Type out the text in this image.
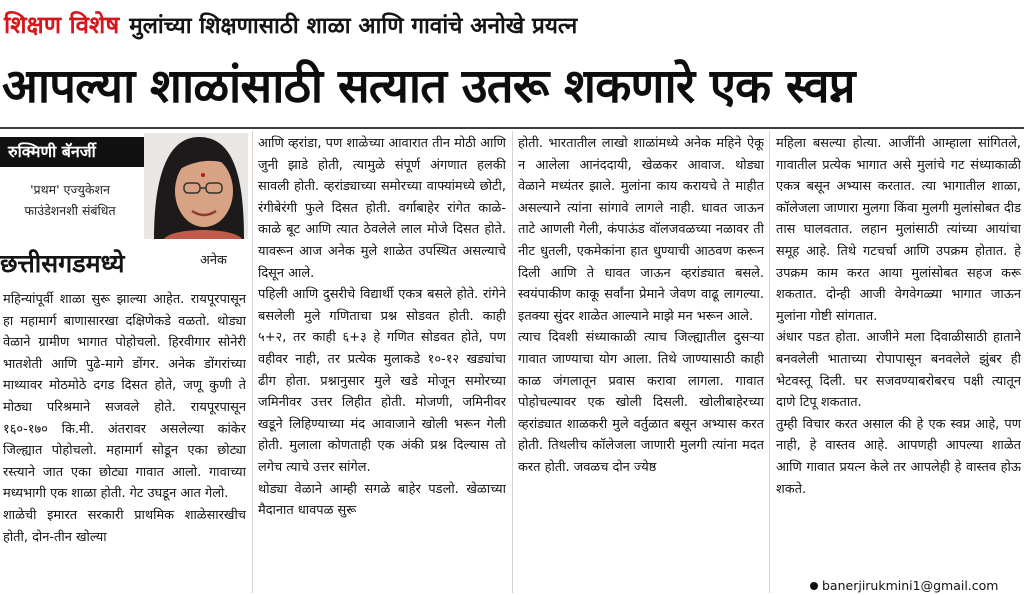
शिक्षण विशेष मुलांच्या शिक्षणासाठी शाळा आणि गावांचे अनोखे प्रयत्न
आपल्या शाळांसाठी सत्यात उतरू शकणारे एक स्वप्न
रुक्मिणी बॅनर्जी
'प्रथम' एज्युकेशन फाउंडेशनशी संबंधित
छत्तीसगडमध्ये	अनेक
महिन्यांपूर्वी शाळा सुरू झाल्या आहेत. रायपूरपासून हा महामार्ग बाणासारखा दक्षिणेकडे वळतो. थोड्या वेळाने ग्रामीण भागात पोहोचलो. हिरवीगार सोनेरी भातशेती आणि पुढे-मागे डोंगर. अनेक डोंगरांच्या माथ्यावर मोठमोठे दगड दिसत होते, जणू कुणी ते मोठ्या परिश्रमाने सजवले होते. रायपूरपासून १६०-१७० कि.मी. अंतरावर असलेल्या कांकेर जिल्ह्यात पोहोचलो. महामार्ग सोडून एका छोट्या रस्त्याने जात एका छोट्या गावात आलो. गावाच्या मध्यभागी एक शाळा होती. गेट उघडून आत गेलो.
शाळेची इमारत सरकारी प्राथमिक शाळेसारखीच होती, दोन-तीन खोल्या
आणि व्हरांडा, पण शाळेच्या आवारात तीन मोठी आणि जुनी झाडे होती, त्यामुळे संपूर्ण अंगणात हलकी सावली होती. व्हरांड्याच्या समोरच्या वाफ्यांमध्ये छोटी, रंगीबेरंगी फुले दिसत होती. वर्गाबाहेर रांगेत काळे-काळे बूट आणि त्यात ठेवलेले लाल मोजे दिसत होते. यावरून आज अनेक मुले शाळेत उपस्थित असल्याचे दिसून आले.
पहिली आणि दुसरीचे विद्यार्थी एकत्र बसले होते. रांगेने बसलेली मुले गणिताचा प्रश्न सोडवत होती. काही ५+२, तर काही ६+३ हे गणित सोडवत होते, पण वहीवर नाही, तर प्रत्येक मुलाकडे १०-१२ खड्यांचा ढीग होता. प्रश्नानुसार मुले खडे मोजून समोरच्या जमिनीवर उत्तर लिहीत होती. मोजणी, जमिनीवर खडूने लिहिण्याच्या मंद आवाजाने खोली भरून गेली होती. मुलाला कोणताही एक अंकी प्रश्न दिल्यास तो लगेच त्याचे उत्तर सांगेल.
थोड्या वेळाने आम्ही सगळे बाहेर पडलो. खेळाच्या मैदानात धावपळ सुरू
होती. भारतातील लाखो शाळांमध्ये अनेक महिने ऐकू न आलेला आनंददायी, खेळकर आवाज. थोड्या वेळाने मध्यंतर झाले. मुलांना काय करायचे ते माहीत असल्याने त्यांना सांगावे लागले नाही. धावत जाऊन ताटे आणली गेली, कंपाऊंड वॉलजवळच्या नळावर ती नीट धुतली, एकमेकांना हात धुण्याची आठवण करून दिली आणि ते धावत जाऊन व्हरांड्यात बसले. स्वयंपाकीण काकू सर्वांना प्रेमाने जेवण वाढू लागल्या. इतक्या सुंदर शाळेत आल्याने माझे मन भरून आले.
त्याच दिवशी संध्याकाळी त्याच जिल्ह्यातील दुसऱ्या गावात जाण्याचा योग आला. तिथे जाण्यासाठी काही काळ जंगलातून प्रवास करावा लागला. गावात पोहोचल्यावर एक खोली दिसली. खोलीबाहेरच्या व्हरांड्यात शाळकरी मुले वर्तुळात बसून अभ्यास करत होती. तिथलीच कॉलेजला जाणारी मुलगी त्यांना मदत करत होती. जवळच दोन ज्येष्ठ
महिला बसल्या होत्या. आजींनी आम्हाला सांगितले, गावातील प्रत्येक भागात असे मुलांचे गट संध्याकाळी एकत्र बसून अभ्यास करतात. त्या भागातील शाळा, कॉलेजला जाणारा मुलगा किंवा मुलगी मुलांसोबत दीड तास घालवतात. लहान मुलांसाठी त्यांच्या आयांचा समूह आहे. तिथे गटचर्चा आणि उपक्रम होतात. हे उपक्रम काम करत आया मुलांसोबत सहज करू शकतात. दोन्ही आजी वेगवेगळ्या भागात जाऊन मुलांना गोष्टी सांगतात.
अंधार पडत होता. आजीने मला दिवाळीसाठी हाताने बनवलेली भाताच्या रोपापासून बनवलेले झुंबर ही भेटवस्तू दिली. घर सजवण्याबरोबरच पक्षी त्यातून दाणे टिपू शकतात.
तुम्ही विचार करत असाल की हे एक स्वप्न आहे, पण नाही, हे वास्तव आहे. आपणही आपल्या शाळेत आणि गावात प्रयत्न केले तर आपलेही हे वास्तव होऊ शकते.
banerjirukmini1@gmail.com
